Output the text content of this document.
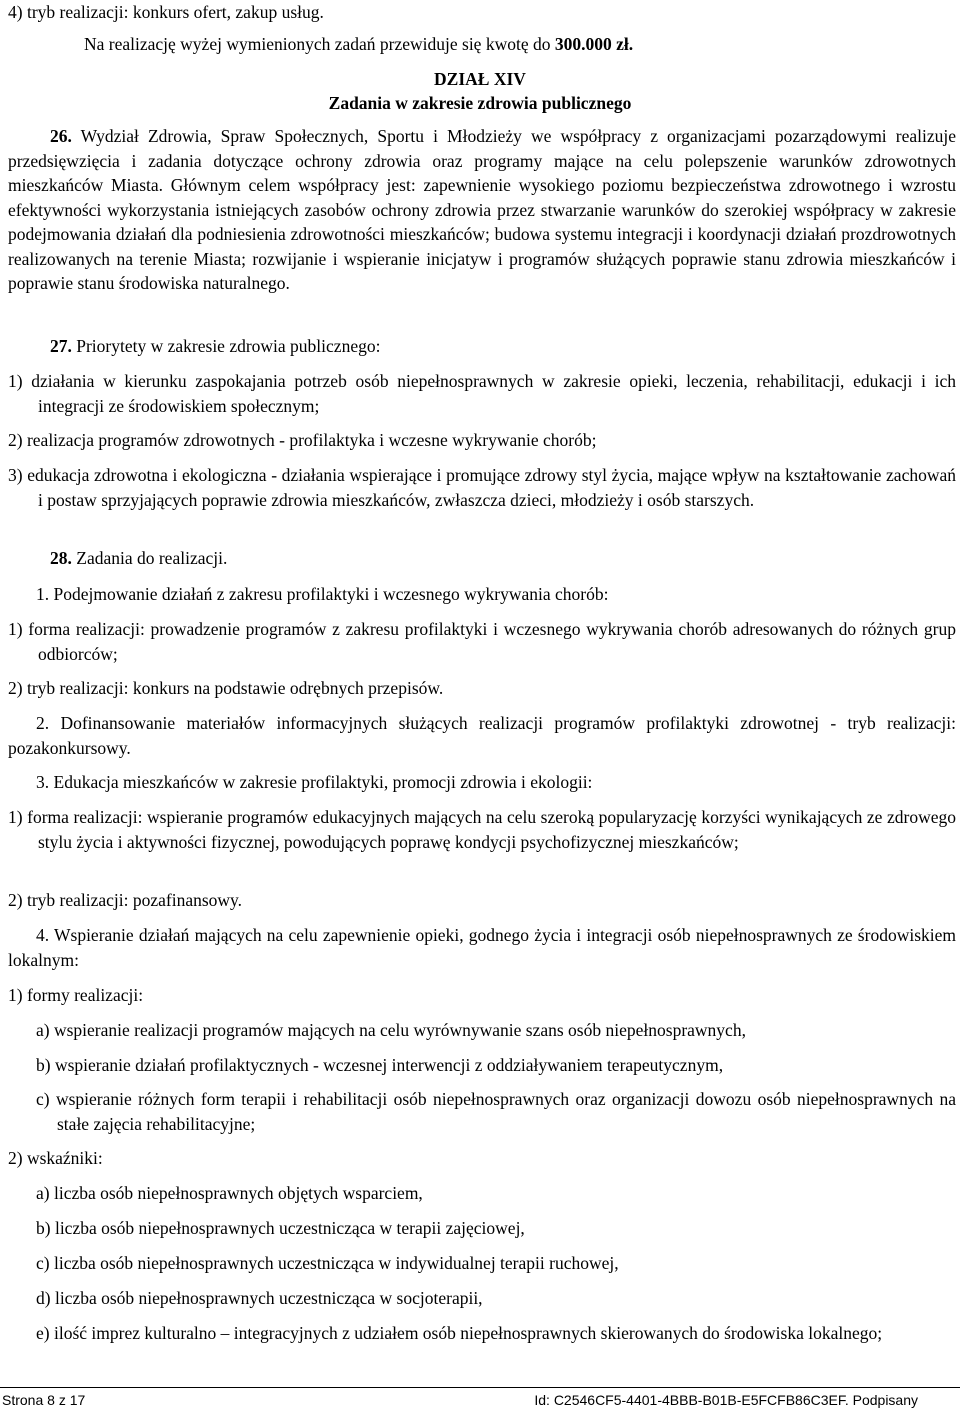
4) tryb realizacji: konkurs ofert, zakup usług.

Na realizację wyżej wymienionych zadań przewiduje się kwotę do 300.000 zł.

DZIAŁ XIV

Zadania w zakresie zdrowia publicznego

26. Wydział Zdrowia, Spraw Społecznych, Sportu i Młodzieży we współpracy z organizacjami pozarządowymi realizuje przedsięwzięcia i zadania dotyczące ochrony zdrowia oraz programy mające na celu polepszenie warunków zdrowotnych mieszkańców Miasta. Głównym celem współpracy jest: zapewnienie wysokiego poziomu bezpieczeństwa zdrowotnego i wzrostu efektywności wykorzystania istniejących zasobów ochrony zdrowia przez stwarzanie warunków do szerokiej współpracy w zakresie podejmowania działań dla podniesienia zdrowotności mieszkańców; budowa systemu integracji i koordynacji działań prozdrowotnych realizowanych na terenie Miasta; rozwijanie i wspieranie inicjatyw i programów służących poprawie stanu zdrowia mieszkańców i poprawie stanu środowiska naturalnego.

27. Priorytety w zakresie zdrowia publicznego:

1) działania w kierunku zaspokajania potrzeb osób niepełnosprawnych w zakresie opieki, leczenia, rehabilitacji, edukacji i ich integracji ze środowiskiem społecznym;

2) realizacja programów zdrowotnych - profilaktyka i wczesne wykrywanie chorób;

3) edukacja zdrowotna i ekologiczna - działania wspierające i promujące zdrowy styl życia, mające wpływ na kształtowanie zachowań i postaw sprzyjających poprawie zdrowia mieszkańców, zwłaszcza dzieci, młodzieży i osób starszych.

28. Zadania do realizacji.

1. Podejmowanie działań z zakresu profilaktyki i wczesnego wykrywania chorób:

1) forma realizacji: prowadzenie programów z zakresu profilaktyki i wczesnego wykrywania chorób adresowanych do różnych grup odbiorców;

2) tryb realizacji: konkurs na podstawie odrębnych przepisów.

2. Dofinansowanie materiałów informacyjnych służących realizacji programów profilaktyki zdrowotnej - tryb realizacji: pozakonkursowy.

3. Edukacja mieszkańców w zakresie profilaktyki, promocji zdrowia i ekologii:

1) forma realizacji: wspieranie programów edukacyjnych mających na celu szeroką popularyzację korzyści wynikających ze zdrowego stylu życia i aktywności fizycznej, powodujących poprawę kondycji psychofizycznej mieszkańców;

2) tryb realizacji: pozafinansowy.

4. Wspieranie działań mających na celu zapewnienie opieki, godnego życia i integracji osób niepełnosprawnych ze środowiskiem lokalnym:

1) formy realizacji:

a) wspieranie realizacji programów mających na celu wyrównywanie szans osób niepełnosprawnych,

b) wspieranie działań profilaktycznych - wczesnej interwencji z oddziaływaniem terapeutycznym,

c) wspieranie różnych form terapii i rehabilitacji osób niepełnosprawnych oraz organizacji dowozu osób niepełnosprawnych na stałe zajęcia rehabilitacyjne;

2) wskaźniki:

a) liczba osób niepełnosprawnych objętych wsparciem,

b) liczba osób niepełnosprawnych uczestnicząca w terapii zajęciowej,

c) liczba osób niepełnosprawnych uczestnicząca w indywidualnej terapii ruchowej,

d) liczba osób niepełnosprawnych uczestnicząca w socjoterapii,

e) ilość imprez kulturalno – integracyjnych z udziałem osób niepełnosprawnych skierowanych do środowiska lokalnego;

Strona 8 z 17	Id: C2546CF5-4401-4BBB-B01B-E5FCFB86C3EF. Podpisany
